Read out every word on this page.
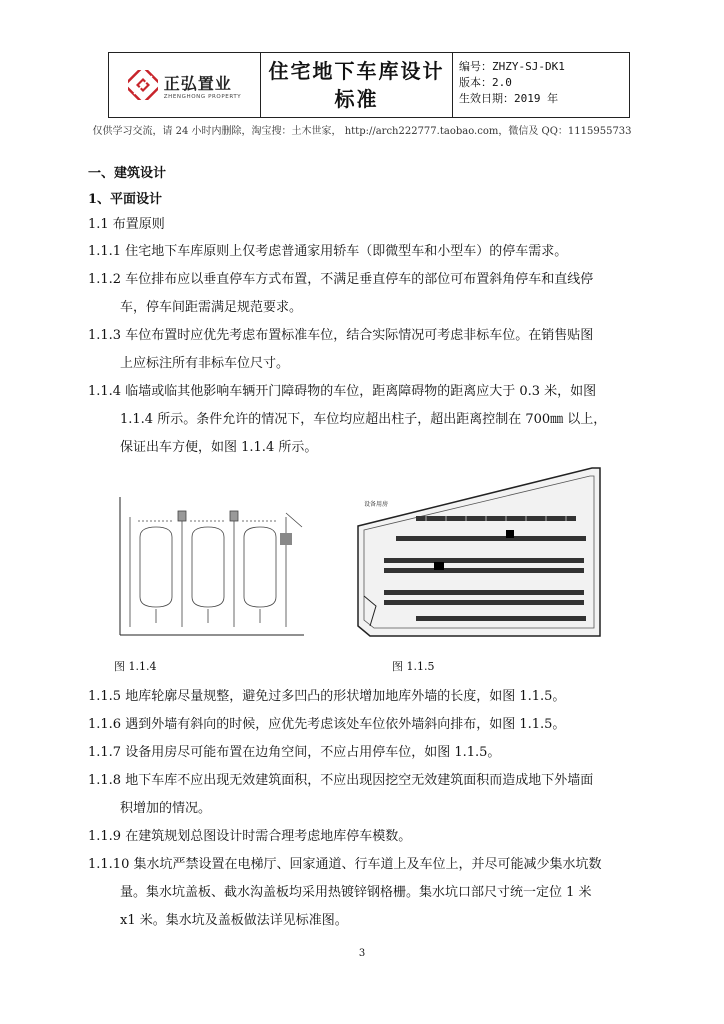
正弘置业
ZHENGHONG PROPERTY
住宅地下车库设计
标准
编号：ZHZY-SJ-DK1
版本：2.0
生效日期：2019 年
仅供学习交流，请 24 小时内删除，淘宝搜：土木世家， http://arch222777.taobao.com，微信及 QQ：1115955733
一、建筑设计
1、平面设计
1.1 布置原则
1.1.1 住宅地下车库原则上仅考虑普通家用轿车（即微型车和小型车）的停车需求。
1.1.2 车位排布应以垂直停车方式布置，不满足垂直停车的部位可布置斜角停车和直线停
车，停车间距需满足规范要求。
1.1.3 车位布置时应优先考虑布置标准车位，结合实际情况可考虑非标车位。在销售贴图
上应标注所有非标车位尺寸。
1.1.4 临墙或临其他影响车辆开门障碍物的车位，距离障碍物的距离应大于 0.3 米，如图
1.1.4 所示。条件允许的情况下，车位均应超出柱子，超出距离控制在 700㎜ 以上，
保证出车方便，如图 1.1.4 所示。
图 1.1.4
设备用房
图 1.1.5
1.1.5 地库轮廓尽量规整，避免过多凹凸的形状增加地库外墙的长度，如图 1.1.5。
1.1.6 遇到外墙有斜向的时候，应优先考虑该处车位依外墙斜向排布，如图 1.1.5。
1.1.7 设备用房尽可能布置在边角空间，不应占用停车位，如图 1.1.5。
1.1.8 地下车库不应出现无效建筑面积，不应出现因挖空无效建筑面积而造成地下外墙面
积增加的情况。
1.1.9 在建筑规划总图设计时需合理考虑地库停车模数。
1.1.10 集水坑严禁设置在电梯厅、回家通道、行车道上及车位上，并尽可能减少集水坑数
量。集水坑盖板、截水沟盖板均采用热镀锌钢格栅。集水坑口部尺寸统一定位 1 米
x1 米。集水坑及盖板做法详见标准图。
3
